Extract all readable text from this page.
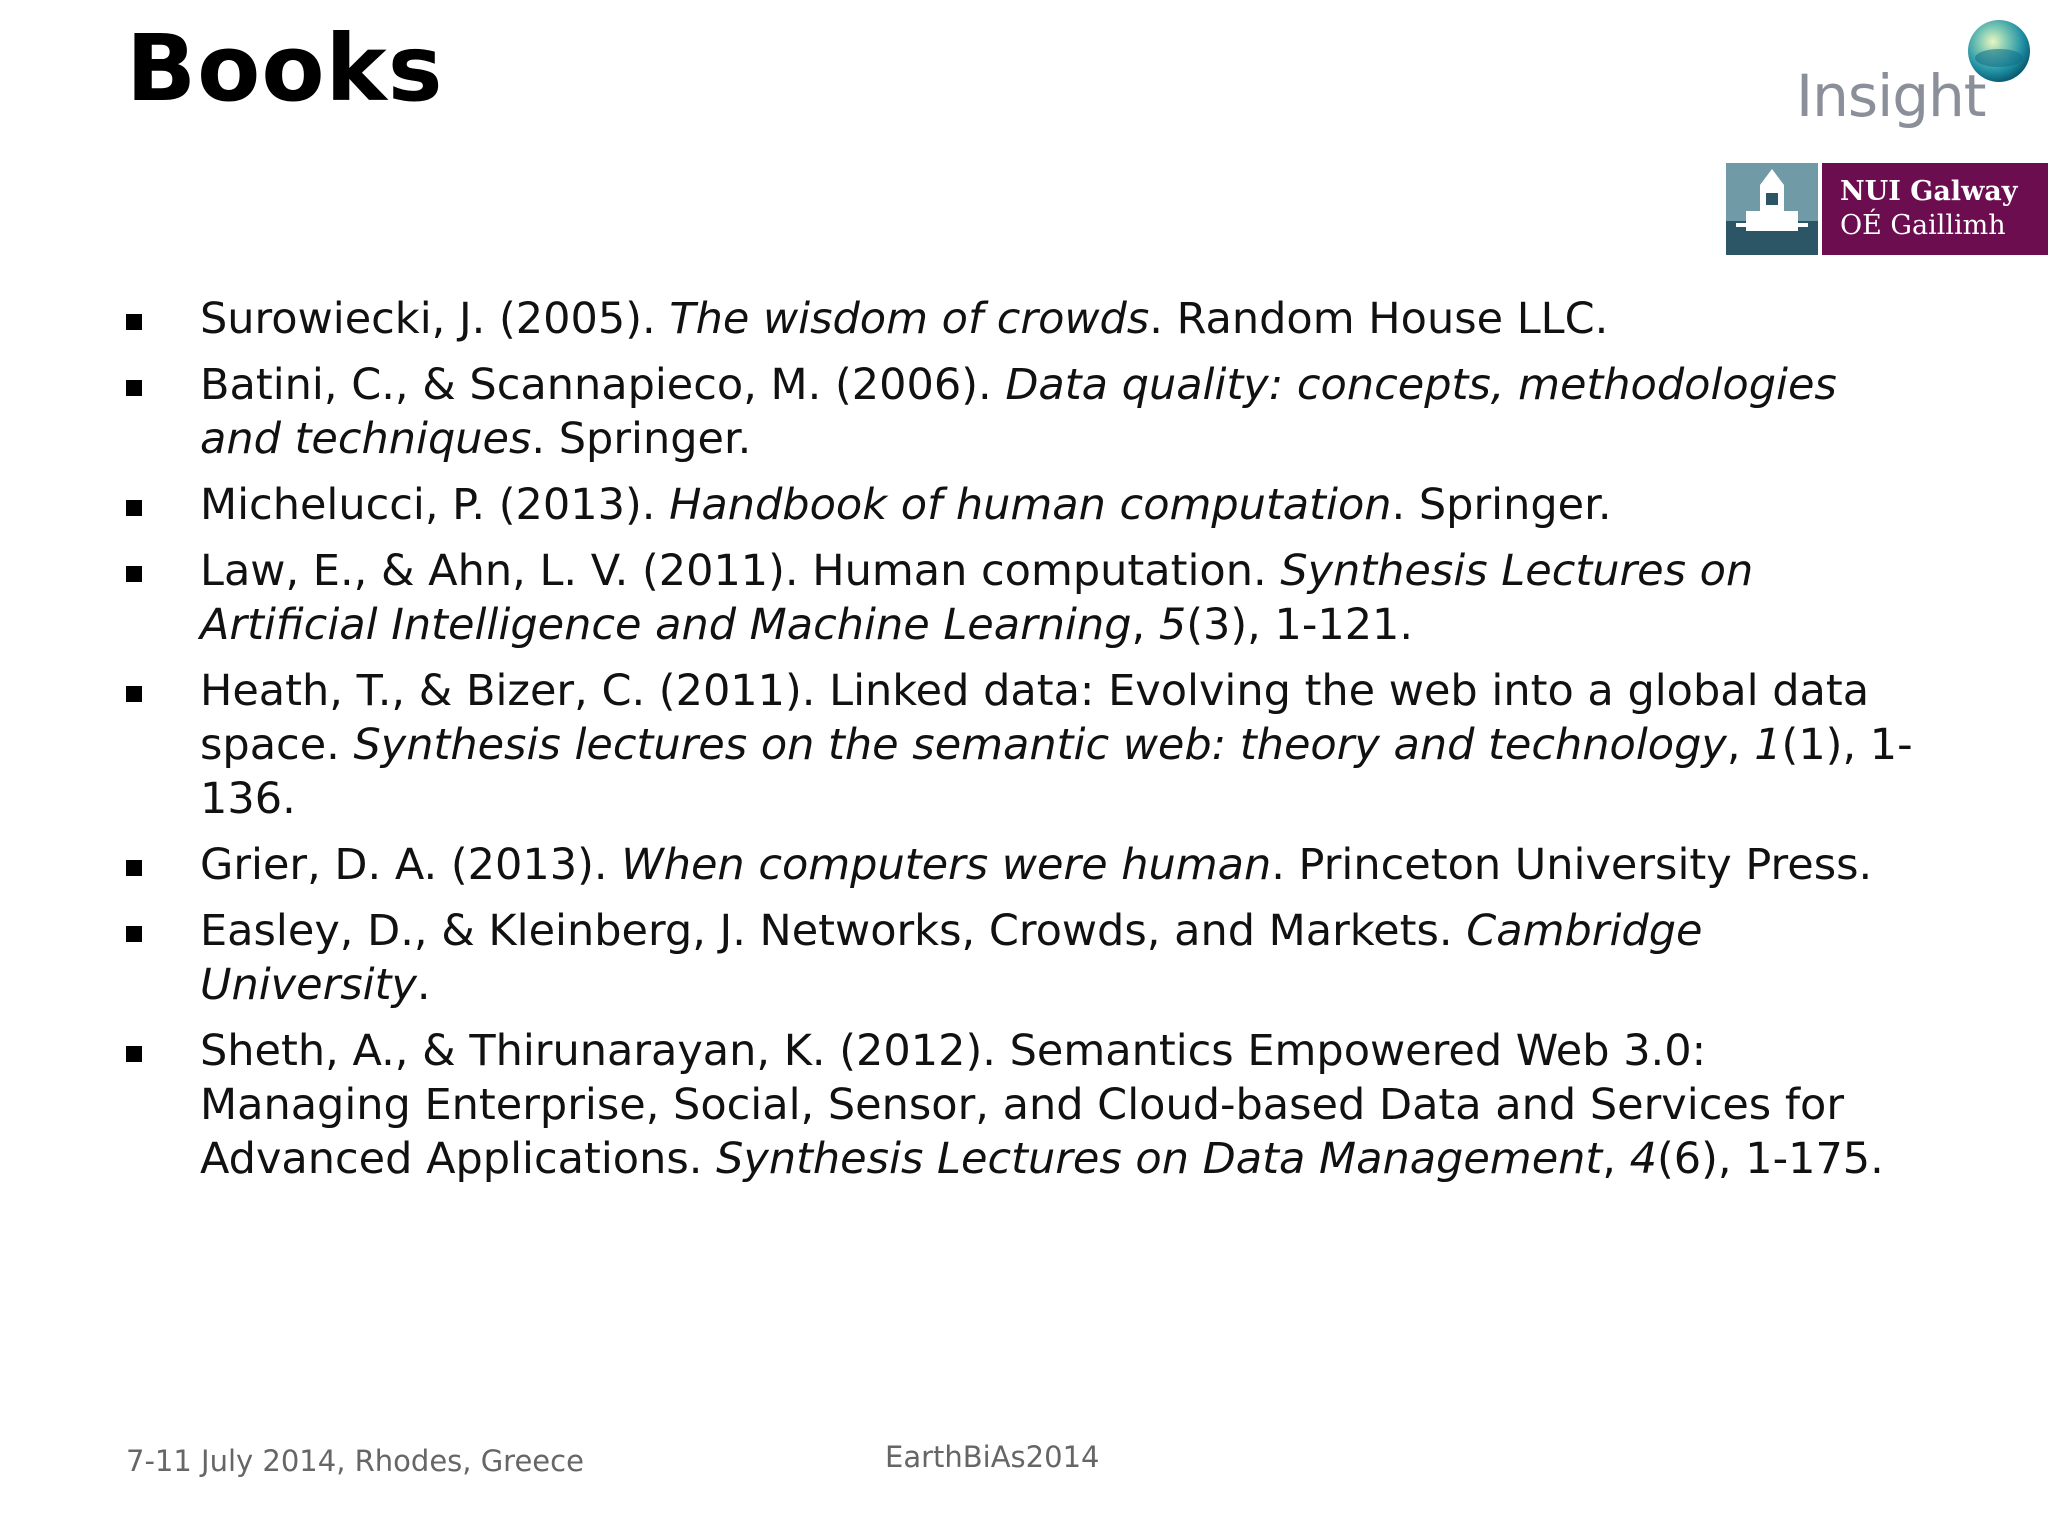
Books	Insight
NUI Galway
OÉ Gaillimh
Surowiecki, J. (2005). The wisdom of crowds. Random House LLC.
Batini, C., & Scannapieco, M. (2006). Data quality: concepts, methodologies and techniques. Springer.
Michelucci, P. (2013). Handbook of human computation. Springer.
Law, E., & Ahn, L. V. (2011). Human computation. Synthesis Lectures on Artificial Intelligence and Machine Learning, 5(3), 1-121.
Heath, T., & Bizer, C. (2011). Linked data: Evolving the web into a global data space. Synthesis lectures on the semantic web: theory and technology, 1(1), 1-136.
Grier, D. A. (2013). When computers were human. Princeton University Press.
Easley, D., & Kleinberg, J. Networks, Crowds, and Markets. Cambridge University.
Sheth, A., & Thirunarayan, K. (2012). Semantics Empowered Web 3.0: Managing Enterprise, Social, Sensor, and Cloud-based Data and Services for Advanced Applications. Synthesis Lectures on Data Management, 4(6), 1-175.
7-11 July 2014, Rhodes, Greece	EarthBiAs2014
